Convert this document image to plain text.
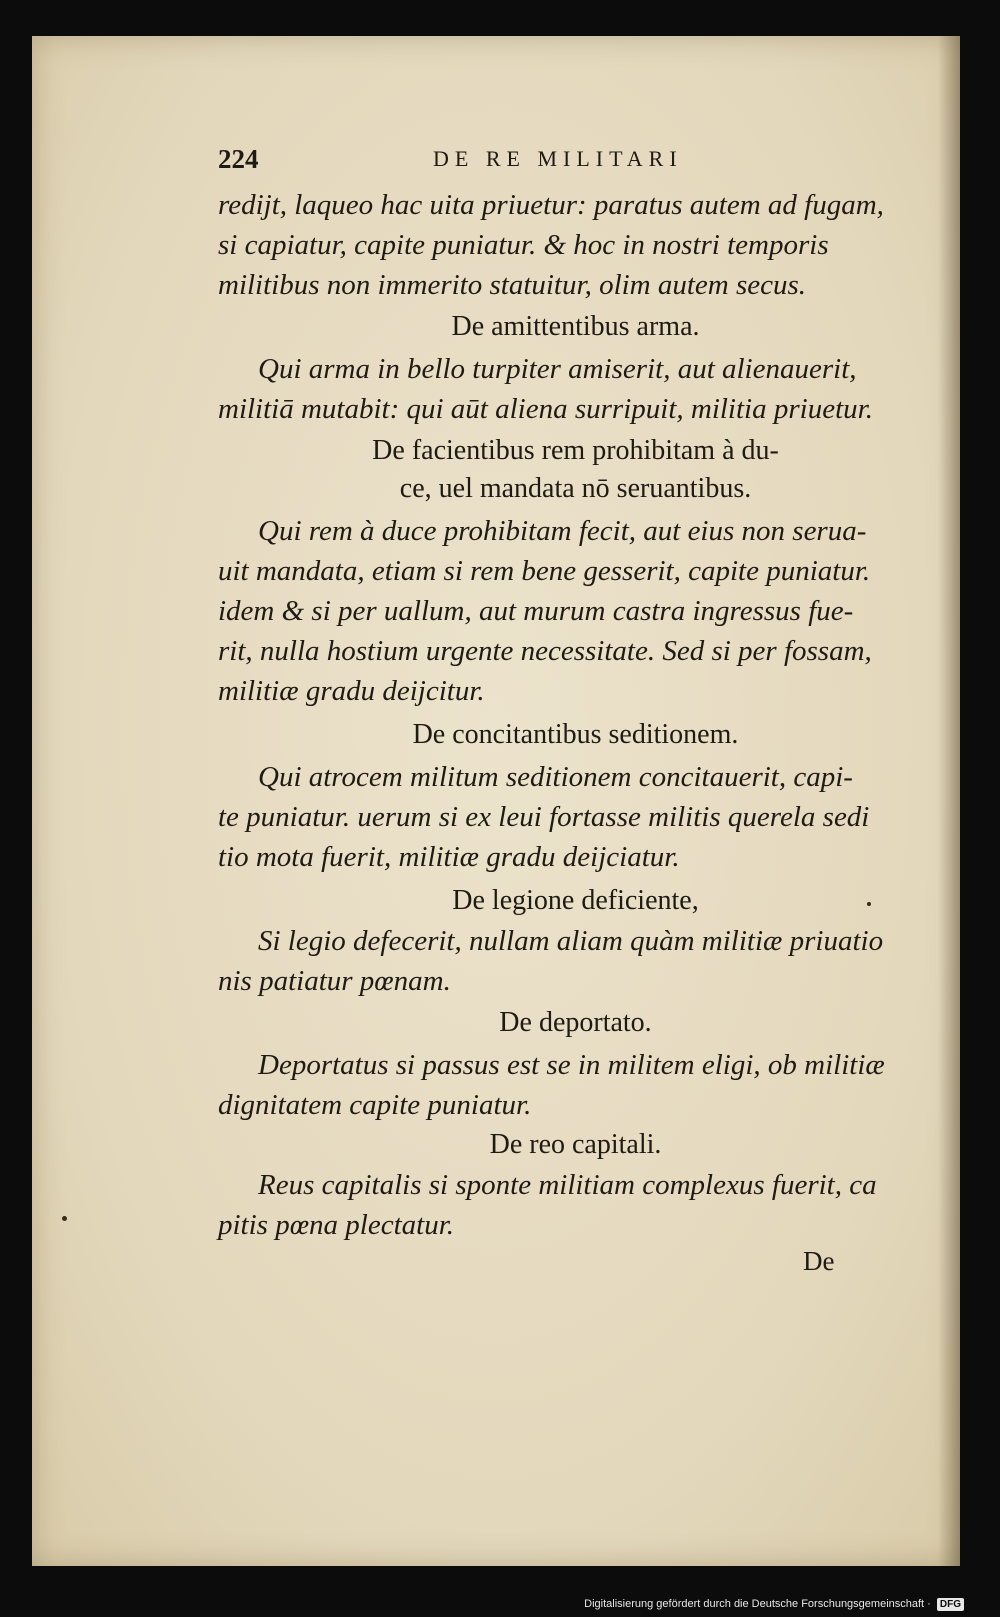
224	DE RE MILITARI
redijt, laqueo hac uita priuetur: paratus autem ad fugam,
si capiatur, capite puniatur. & hoc in nostri temporis
militibus non immerito statuitur, olim autem secus.
De amittentibus arma.
Qui arma in bello turpiter amiserit, aut alienauerit,
militiā mutabit: qui aūt aliena surripuit, militia priuetur.
De facientibus rem prohibitam à du-
ce, uel mandata nō seruantibus.
Qui rem à duce prohibitam fecit, aut eius non serua-
uit mandata, etiam si rem bene gesserit, capite puniatur.
idem & si per uallum, aut murum castra ingressus fue-
rit, nulla hostium urgente necessitate. Sed si per fossam,
militiæ gradu deijcitur.
De concitantibus seditionem.
Qui atrocem militum seditionem concitauerit, capi-
te puniatur. uerum si ex leui fortasse militis querela sedi
tio mota fuerit, militiæ gradu deijciatur.
De legione deficiente,
Si legio defecerit, nullam aliam quàm militiæ priuatio
nis patiatur pœnam.
De deportato.
Deportatus si passus est se in militem eligi, ob militiæ
dignitatem capite puniatur.
De reo capitali.
Reus capitalis si sponte militiam complexus fuerit, ca
pitis pœna plectatur.
De
Digitalisierung gefördert durch die Deutsche Forschungsgemeinschaft · DFG
